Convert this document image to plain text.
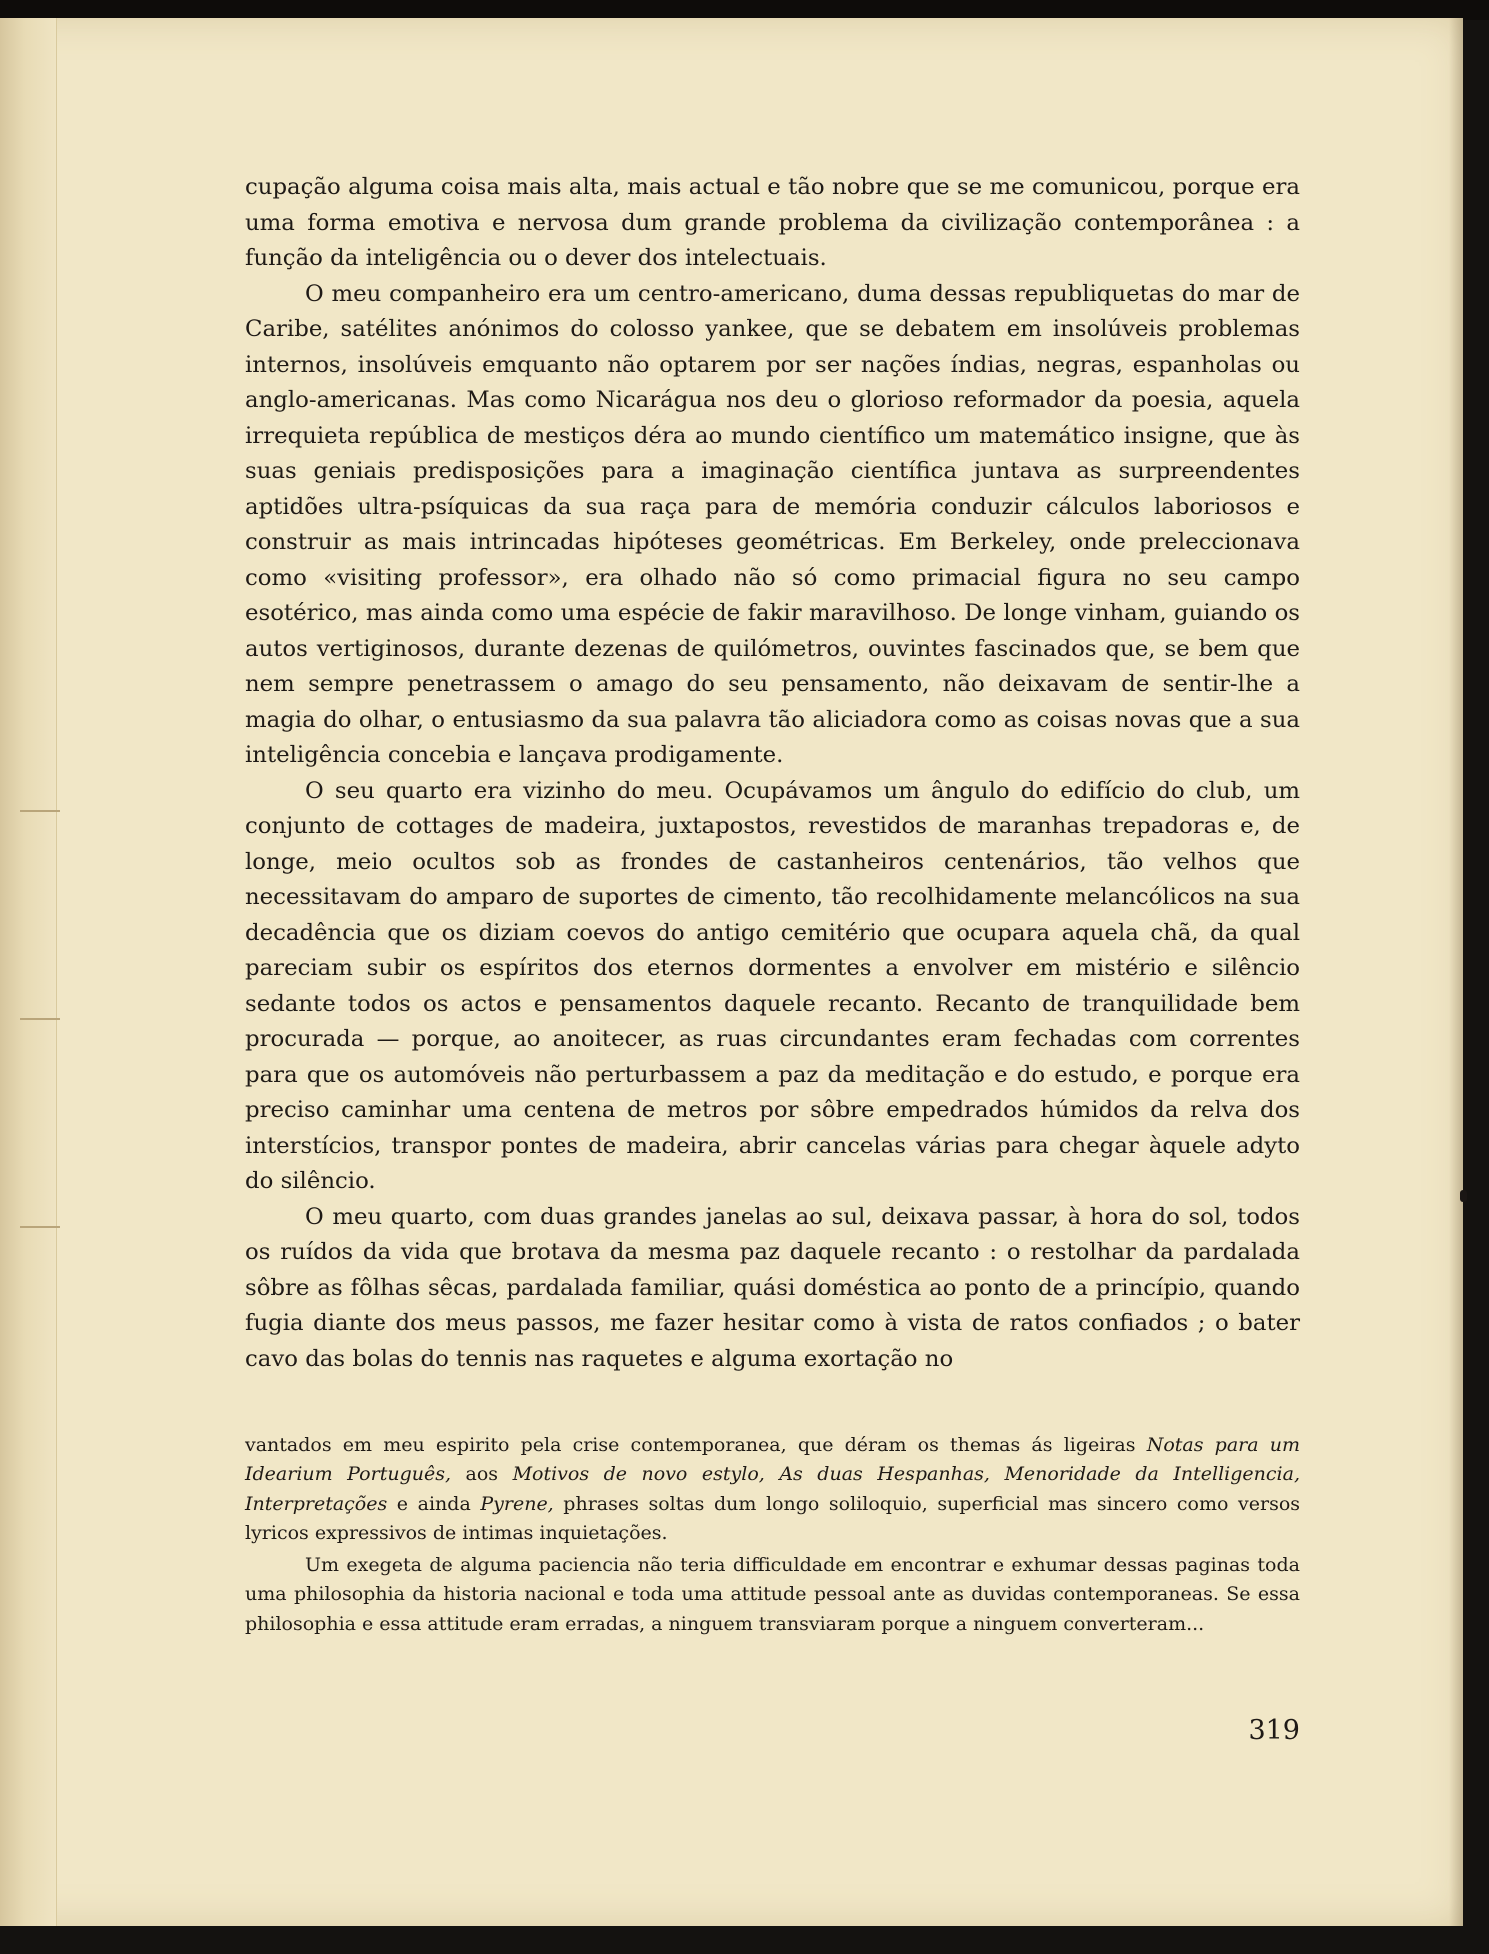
cupação alguma coisa mais alta, mais actual e tão nobre que se me comunicou, porque era uma forma emotiva e nervosa dum grande problema da civilização contemporânea : a função da inteligência ou o dever dos intelectuais.

O meu companheiro era um centro-americano, duma dessas republiquetas do mar de Caribe, satélites anónimos do colosso yankee, que se debatem em insolúveis problemas internos, insolúveis emquanto não optarem por ser nações índias, negras, espanholas ou anglo-americanas. Mas como Nicarágua nos deu o glorioso reformador da poesia, aquela irrequieta república de mestiços déra ao mundo científico um matemático insigne, que às suas geniais predisposições para a imaginação científica juntava as surpreendentes aptidões ultra-psíquicas da sua raça para de memória conduzir cálculos laboriosos e construir as mais intrincadas hipóteses geométricas. Em Berkeley, onde preleccionava como «visiting professor», era olhado não só como primacial figura no seu campo esotérico, mas ainda como uma espécie de fakir maravilhoso. De longe vinham, guiando os autos vertiginosos, durante dezenas de quilómetros, ouvintes fascinados que, se bem que nem sempre penetrassem o amago do seu pensamento, não deixavam de sentir-lhe a magia do olhar, o entusiasmo da sua palavra tão aliciadora como as coisas novas que a sua inteligência concebia e lançava prodigamente.

O seu quarto era vizinho do meu. Ocupávamos um ângulo do edifício do club, um conjunto de cottages de madeira, juxtapostos, revestidos de maranhas trepadoras e, de longe, meio ocultos sob as frondes de castanheiros centenários, tão velhos que necessitavam do amparo de suportes de cimento, tão recolhidamente melancólicos na sua decadência que os diziam coevos do antigo cemitério que ocupara aquela chã, da qual pareciam subir os espíritos dos eternos dormentes a envolver em mistério e silêncio sedante todos os actos e pensamentos daquele recanto. Recanto de tranquilidade bem procurada — porque, ao anoitecer, as ruas circundantes eram fechadas com correntes para que os automóveis não perturbassem a paz da meditação e do estudo, e porque era preciso caminhar uma centena de metros por sôbre empedrados húmidos da relva dos interstícios, transpor pontes de madeira, abrir cancelas várias para chegar àquele adyto do silêncio.

O meu quarto, com duas grandes janelas ao sul, deixava passar, à hora do sol, todos os ruídos da vida que brotava da mesma paz daquele recanto : o restolhar da pardalada sôbre as fôlhas sêcas, pardalada familiar, quási doméstica ao ponto de a princípio, quando fugia diante dos meus passos, me fazer hesitar como à vista de ratos confiados ; o bater cavo das bolas do tennis nas raquetes e alguma exortação no

vantados em meu espirito pela crise contemporanea, que déram os themas ás ligeiras Notas para um Idearium Português, aos Motivos de novo estylo, As duas Hespanhas, Menoridade da Intelligencia, Interpretações e ainda Pyrene, phrases soltas dum longo soliloquio, superficial mas sincero como versos lyricos expressivos de intimas inquietações.

Um exegeta de alguma paciencia não teria difficuldade em encontrar e exhumar dessas paginas toda uma philosophia da historia nacional e toda uma attitude pessoal ante as duvidas contemporaneas. Se essa philosophia e essa attitude eram erradas, a ninguem transviaram porque a ninguem converteram...

319
